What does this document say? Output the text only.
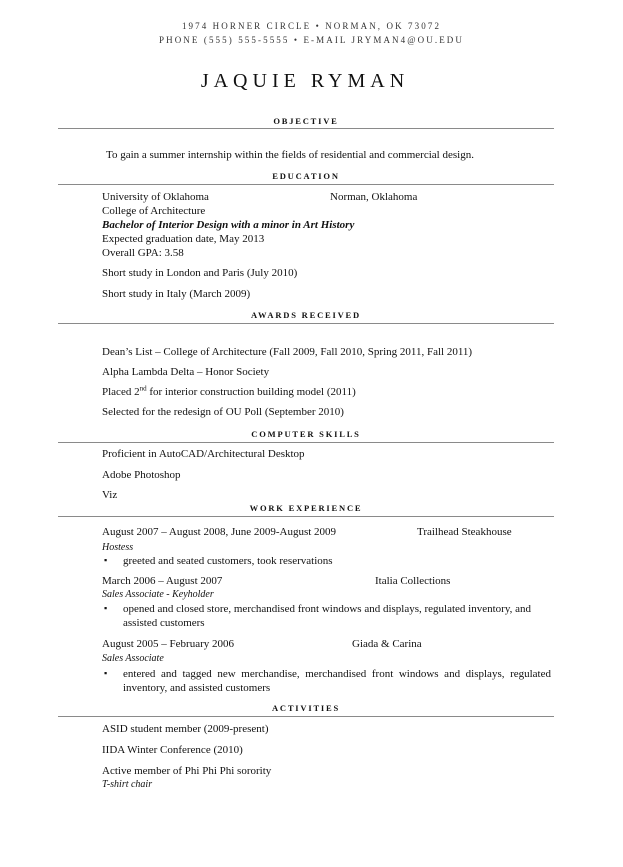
1974 HORNER CIRCLE • NORMAN, OK 73072
PHONE (555) 555-5555 • E-MAIL JRYMAN4@OU.EDU
JAQUIE RYMAN
OBJECTIVE
To gain a summer internship within the fields of residential and commercial design.
EDUCATION
University of Oklahoma	Norman, Oklahoma
College of Architecture
Bachelor of Interior Design with a minor in Art History
Expected graduation date, May 2013
Overall GPA: 3.58
Short study in London and Paris (July 2010)
Short study in Italy (March 2009)
AWARDS RECEIVED
Dean’s List – College of Architecture (Fall 2009, Fall 2010, Spring 2011, Fall 2011)
Alpha Lambda Delta – Honor Society
Placed 2nd for interior construction building model (2011)
Selected for the redesign of OU Poll (September 2010)
COMPUTER SKILLS
Proficient in AutoCAD/Architectural Desktop
Adobe Photoshop
Viz
WORK EXPERIENCE
August 2007 – August 2008, June 2009-August 2009	Trailhead Steakhouse
Hostess
▪ greeted and seated customers, took reservations
March 2006 – August 2007	Italia Collections
Sales Associate - Keyholder
▪ opened and closed store, merchandised front windows and displays, regulated inventory, and assisted customers
August 2005 – February 2006	Giada & Carina
Sales Associate
▪ entered and tagged new merchandise, merchandised front windows and displays, regulated inventory, and assisted customers
ACTIVITIES
ASID student member (2009-present)
IIDA Winter Conference (2010)
Active member of Phi Phi Phi sorority
T-shirt chair
